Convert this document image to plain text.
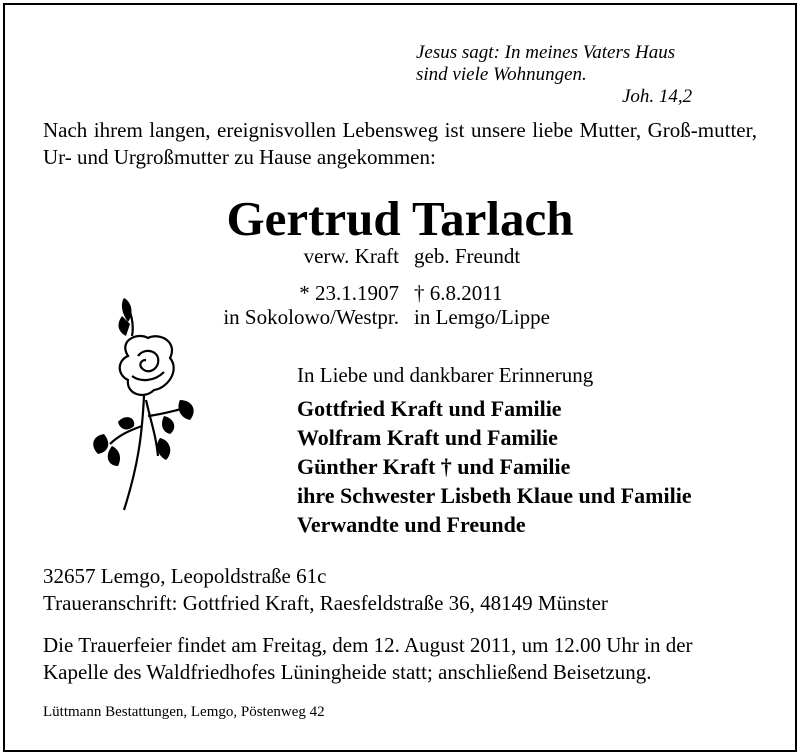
Jesus sagt: In meines Vaters Haus
sind viele Wohnungen.
Joh. 14,2
Nach ihrem langen, ereignisvollen Lebensweg ist unsere liebe Mutter, Groß-mutter, Ur- und Urgroßmutter zu Hause angekommen:
Gertrud Tarlach
verw. Kraft geb. Freundt
* 23.1.1907 † 6.8.2011
in Sokolowo/Westpr. in Lemgo/Lippe
In Liebe und dankbarer Erinnerung
Gottfried Kraft und Familie
Wolfram Kraft und Familie
Günther Kraft † und Familie
ihre Schwester Lisbeth Klaue und Familie
Verwandte und Freunde
32657 Lemgo, Leopoldstraße 61c
Traueranschrift: Gottfried Kraft, Raesfeldstraße 36, 48149 Münster
Die Trauerfeier findet am Freitag, dem 12. August 2011, um 12.00 Uhr in der
Kapelle des Waldfriedhofes Lüningheide statt; anschließend Beisetzung.
Lüttmann Bestattungen, Lemgo, Pöstenweg 42
